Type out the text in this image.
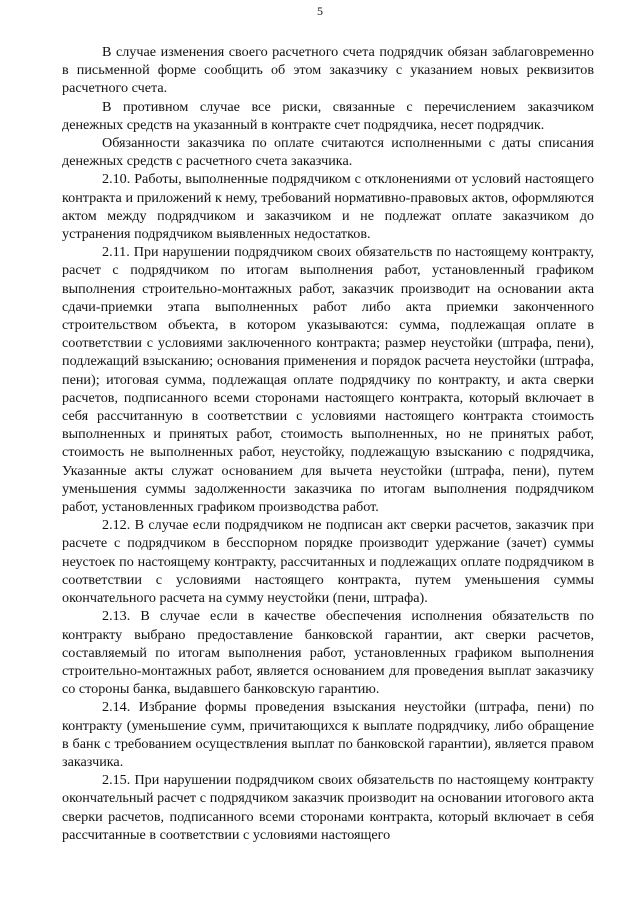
5

В случае изменения своего расчетного счета подрядчик обязан заблаговременно в письменной форме сообщить об этом заказчику с указанием новых реквизитов расчетного счета.

В противном случае все риски, связанные с перечислением заказчиком денежных средств на указанный в контракте счет подрядчика, несет подрядчик.

Обязанности заказчика по оплате считаются исполненными с даты списания денежных средств с расчетного счета заказчика.

2.10. Работы, выполненные подрядчиком с отклонениями от условий настоящего контракта и приложений к нему, требований нормативно-правовых актов, оформляются актом между подрядчиком и заказчиком и не подлежат оплате заказчиком до устранения подрядчиком выявленных недостатков.

2.11. При нарушении подрядчиком своих обязательств по настоящему контракту, расчет с подрядчиком по итогам выполнения работ, установленный графиком выполнения строительно-монтажных работ, заказчик производит на основании акта сдачи-приемки этапа выполненных работ либо акта приемки законченного строительством объекта, в котором указываются: сумма, подлежащая оплате в соответствии с условиями заключенного контракта; размер неустойки (штрафа, пени), подлежащий взысканию; основания применения и порядок расчета неустойки (штрафа, пени); итоговая сумма, подлежащая оплате подрядчику по контракту, и акта сверки расчетов, подписанного всеми сторонами настоящего контракта, который включает в себя рассчитанную в соответствии с условиями настоящего контракта стоимость выполненных и принятых работ, стоимость выполненных, но не принятых работ, стоимость не выполненных работ, неустойку, подлежащую взысканию с подрядчика, Указанные акты служат основанием для вычета неустойки (штрафа, пени), путем уменьшения суммы задолженности заказчика по итогам выполнения подрядчиком работ, установленных графиком производства работ.

2.12. В случае если подрядчиком не подписан акт сверки расчетов, заказчик при расчете с подрядчиком в бесспорном порядке производит удержание (зачет) суммы неустоек по настоящему контракту, рассчитанных и подлежащих оплате подрядчиком в соответствии с условиями настоящего контракта, путем уменьшения суммы окончательного расчета на сумму неустойки (пени, штрафа).

2.13. В случае если в качестве обеспечения исполнения обязательств по контракту выбрано предоставление банковской гарантии, акт сверки расчетов, составляемый по итогам выполнения работ, установленных графиком выполнения строительно-монтажных работ, является основанием для проведения выплат заказчику со стороны банка, выдавшего банковскую гарантию.

2.14. Избрание формы проведения взыскания неустойки (штрафа, пени) по контракту (уменьшение сумм, причитающихся к выплате подрядчику, либо обращение в банк с требованием осуществления выплат по банковской гарантии), является правом заказчика.

2.15. При нарушении подрядчиком своих обязательств по настоящему контракту окончательный расчет с подрядчиком заказчик производит на основании итогового акта сверки расчетов, подписанного всеми сторонами контракта, который включает в себя рассчитанные в соответствии с условиями настоящего
